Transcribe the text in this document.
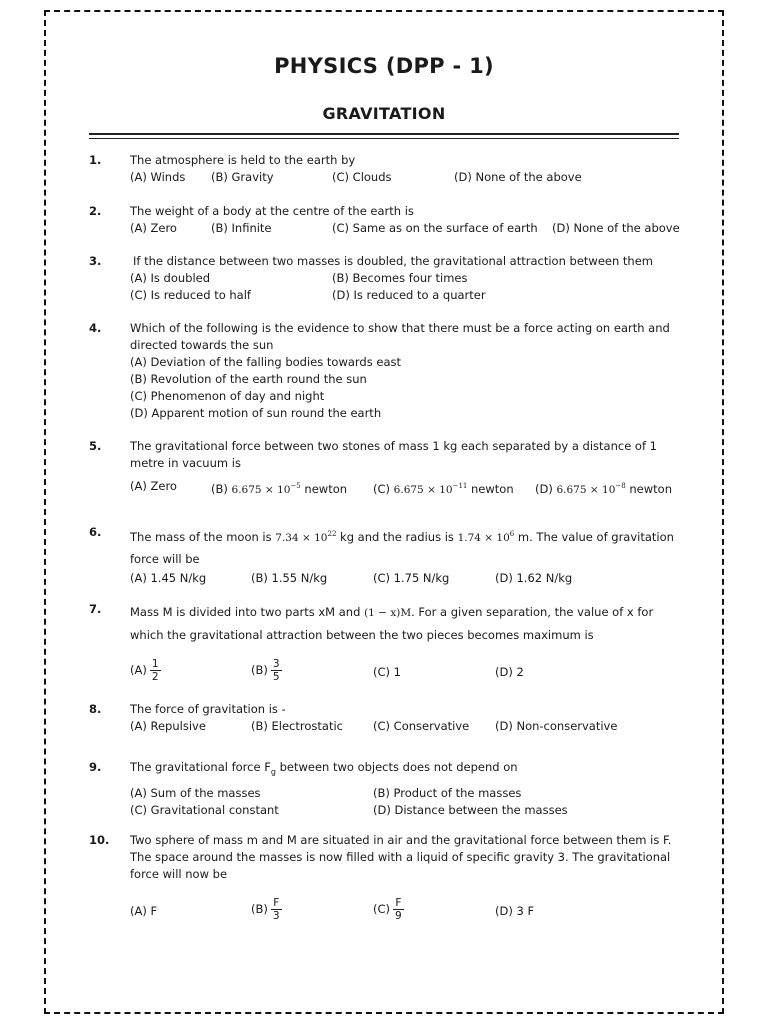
PHYSICS (DPP - 1)
GRAVITATION
1. The atmosphere is held to the earth by
(A) Winds (B) Gravity	(C) Clouds	(D) None of the above
2. The weight of a body at the centre of the earth is
(A) Zero	(B) Infinite	(C) Same as on the surface of earth (D) None of the above
3.	If the distance between two masses is doubled, the gravitational attraction between them
(A) Is doubled	(B) Becomes four times
(C) Is reduced to half	(D) Is reduced to a quarter
4. Which of the following is the evidence to show that there must be a force acting on earth and directed towards the sun
(A) Deviation of the falling bodies towards east
(B) Revolution of the earth round the sun
(C) Phenomenon of day and night
(D) Apparent motion of sun round the earth
5. The gravitational force between two stones of mass 1 kg each separated by a distance of 1 metre in vacuum is
(A) Zero	(B) $6.675 \times 10^{-5}$ newton (C) $6.675 \times 10^{-11}$ newton (D) $6.675 \times 10^{-8}$ newton
6. The mass of the moon is $7.34 \times 10^{22}$ kg and the radius is $1.74 \times 10^6$ m. The value of gravitation force will be
(A) 1.45 N/kg	(B) 1.55 N/kg	(C) 1.75 N/kg	(D) 1.62 N/kg
7. Mass M is divided into two parts xM and (1 − x)M. For a given separation, the value of x for which the gravitational attraction between the two pieces becomes maximum is
$(A) \frac{1}{2}$	$(B) \frac{3}{5}$	(C) 1	(D) 2
8. The force of gravitation is -
(A) Repulsive	(B) Electrostatic	(C) Conservative (D) Non-conservative
9. The gravitational force $F_g$ between two objects does not depend on
(A) Sum of the masses	(B) Product of the masses
(C) Gravitational constant	(D) Distance between the masses
10. Two sphere of mass m and M are situated in air and the gravitational force between them is F. The space around the masses is now filled with a liquid of specific gravity 3. The gravitational force will now be
(A) F	$(B) \frac{F}{3}$	$(C) \frac{F}{9}$	(D) 3 F
